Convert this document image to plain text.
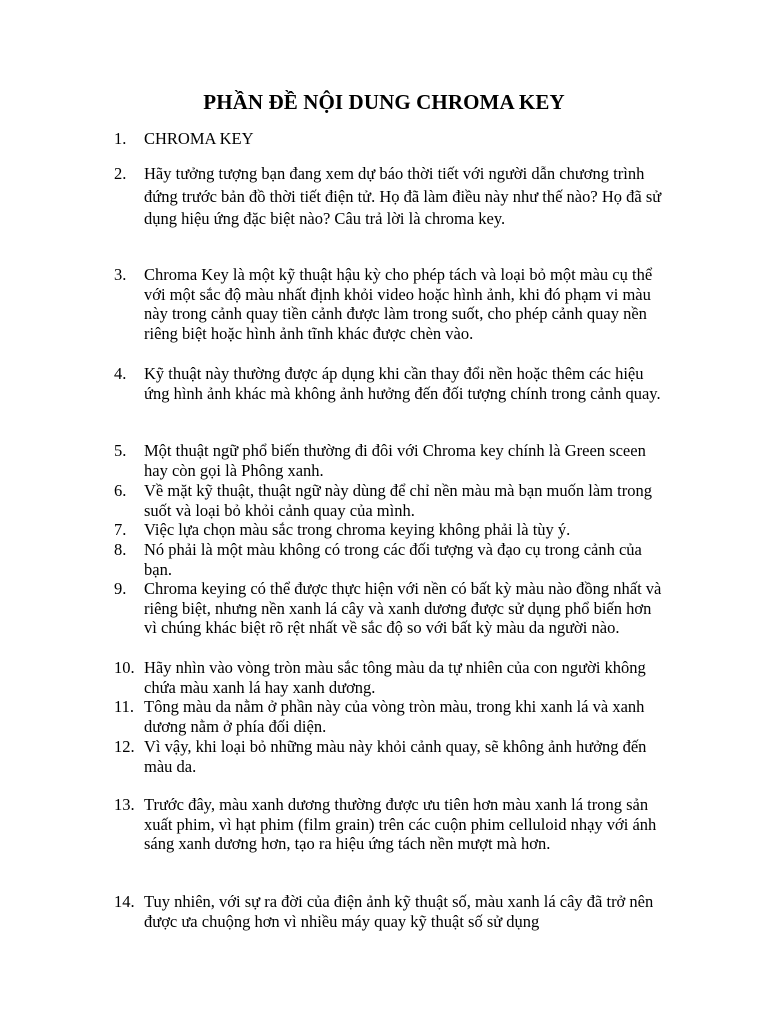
PHẦN ĐỀ NỘI DUNG CHROMA KEY
1. CHROMA KEY
2. Hãy tưởng tượng bạn đang xem dự báo thời tiết với người dẫn chương trình đứng trước bản đồ thời tiết điện tử. Họ đã làm điều này như thế nào? Họ đã sử dụng hiệu ứng đặc biệt nào? Câu trả lời là chroma key.
3. Chroma Key là một kỹ thuật hậu kỳ cho phép tách và loại bỏ một màu cụ thể với một sắc độ màu nhất định khỏi video hoặc hình ảnh, khi đó phạm vi màu này trong cảnh quay tiền cảnh được làm trong suốt, cho phép cảnh quay nền riêng biệt hoặc hình ảnh tĩnh khác được chèn vào.
4. Kỹ thuật này thường được áp dụng khi cần thay đổi nền hoặc thêm các hiệu ứng hình ảnh khác mà không ảnh hưởng đến đối tượng chính trong cảnh quay.
5. Một thuật ngữ phổ biến thường đi đôi với Chroma key chính là Green sceen hay còn gọi là Phông xanh.
6. Về mặt kỹ thuật, thuật ngữ này dùng để chỉ nền màu mà bạn muốn làm trong suốt và loại bỏ khỏi cảnh quay của mình.
7. Việc lựa chọn màu sắc trong chroma keying không phải là tùy ý.
8. Nó phải là một màu không có trong các đối tượng và đạo cụ trong cảnh của bạn.
9. Chroma keying có thể được thực hiện với nền có bất kỳ màu nào đồng nhất và riêng biệt, nhưng nền xanh lá cây và xanh dương được sử dụng phổ biến hơn vì chúng khác biệt rõ rệt nhất về sắc độ so với bất kỳ màu da người nào.
10. Hãy nhìn vào vòng tròn màu sắc tông màu da tự nhiên của con người không chứa màu xanh lá hay xanh dương.
11. Tông màu da nằm ở phần này của vòng tròn màu, trong khi xanh lá và xanh dương nằm ở phía đối diện.
12. Vì vậy, khi loại bỏ những màu này khỏi cảnh quay, sẽ không ảnh hưởng đến màu da.
13. Trước đây, màu xanh dương thường được ưu tiên hơn màu xanh lá trong sản xuất phim, vì hạt phim (film grain) trên các cuộn phim celluloid nhạy với ánh sáng xanh dương hơn, tạo ra hiệu ứng tách nền mượt mà hơn.
14. Tuy nhiên, với sự ra đời của điện ảnh kỹ thuật số, màu xanh lá cây đã trở nên được ưa chuộng hơn vì nhiều máy quay kỹ thuật số sử dụng
